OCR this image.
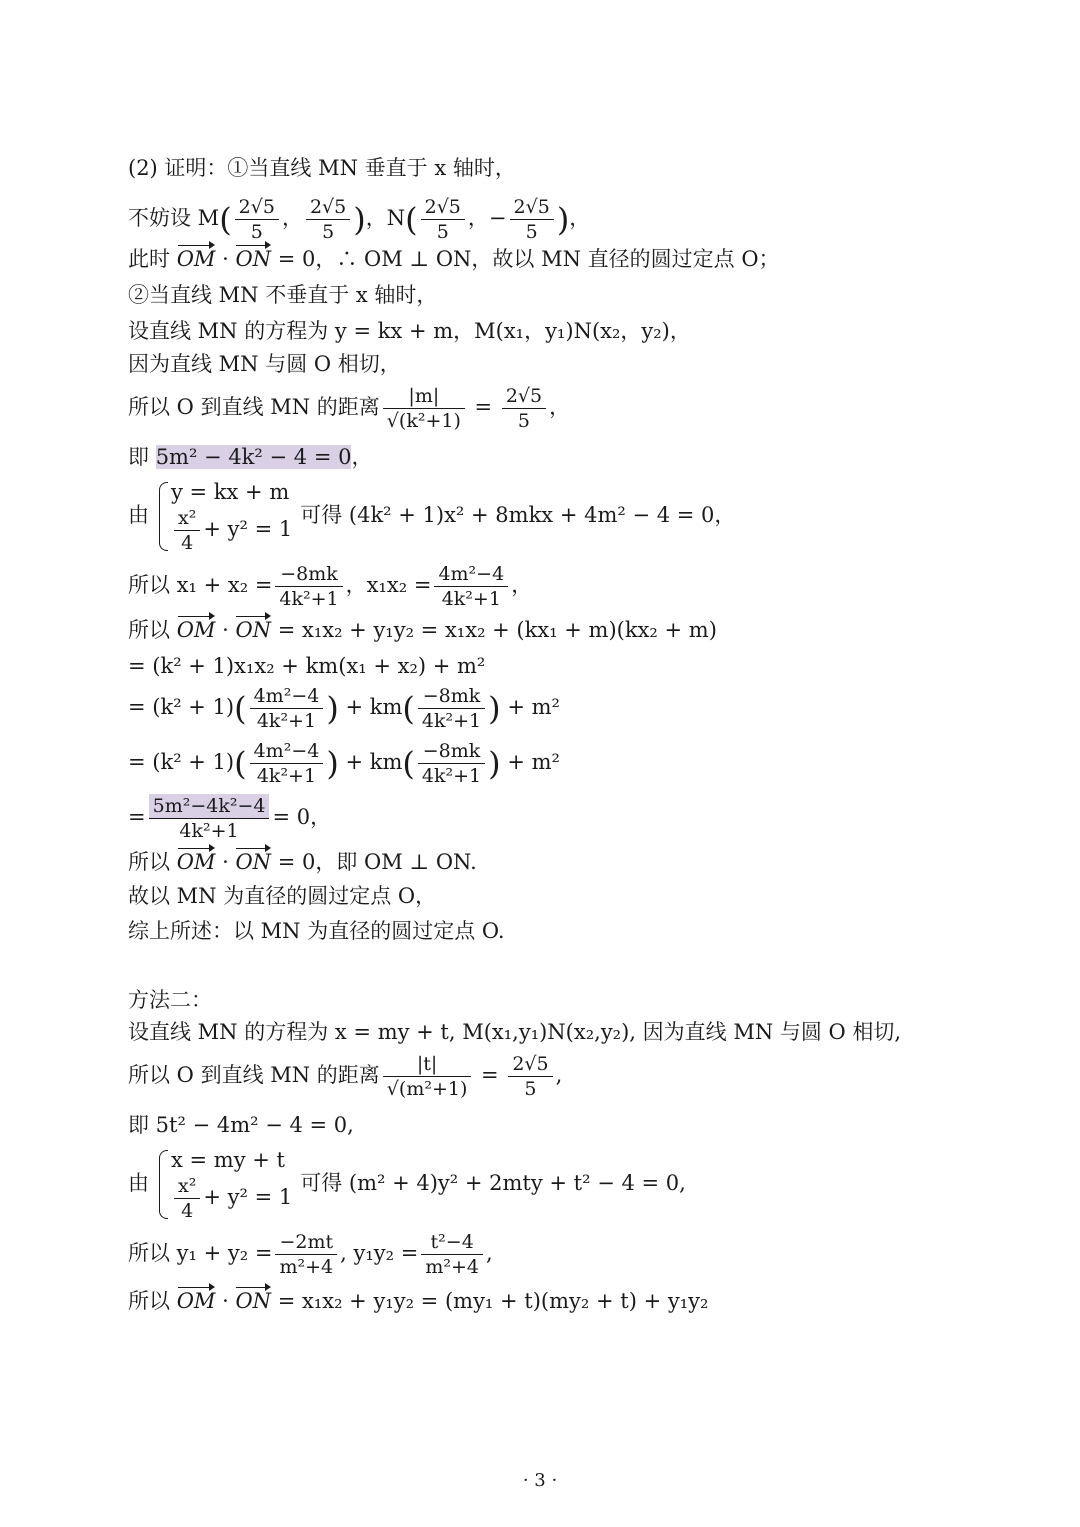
(2) 证明：①当直线 MN 垂直于 x 轴时，
不妨设 $M( \frac{2√5}{5}$ ， $\frac{2√5}{5}$ )，$N( \frac{2√5}{5}$ ，− $\frac{2√5}{5}$ )，
此时 OM · ON = 0，∴ OM ⊥ ON，故以 MN 直径的圆过定点 O；
②当直线 MN 不垂直于 x 轴时，
设直线 MN 的方程为 y = kx + m，M(x₁，y₁)N(x₂，y₂)，
因为直线 MN 与圆 O 相切，
所以 O 到直线 MN 的距离 $\frac{|m|}{\text{√(k²+1)}} = \frac{2√5}{5}$ ，
即 5m² − 4k² − 4 = 0，
由
y = kx + m
$\frac{\text{x²}}{4} + y^2 = 1$
可得 (4k² + 1)x² + 8mkx + 4m² − 4 = 0，
所以 $x_1 + x_2 = \frac{-8mk}{\text{4k²+1}}$ ，$x_1x_2 = \frac{\text{4m²−4}}{\text{4k²+1}}$ ，
所以 OM · ON = x₁x₂ + y₁y₂ = x₁x₂ + (kx₁ + m)(kx₂ + m)
= (k² + 1)x₁x₂ + km(x₁ + x₂) + m²
= $(k^2 + 1)( \frac{\text{4m²−4}}{\text{4k²+1}}$ ) + $km( \frac{-8mk}{\text{4k²+1}}$ ) + m²
= $(k^2 + 1)( \frac{\text{4m²−4}}{\text{4k²+1}}$ ) + $km( \frac{-8mk}{\text{4k²+1}}$ ) + m²
= $\frac{\text{5m²−4k²−4}}{\text{4k²+1}} = 0$，
所以 OM · ON = 0，即 OM ⊥ ON.
故以 MN 为直径的圆过定点 O，
综上所述：以 MN 为直径的圆过定点 O.
方法二：
设直线 MN 的方程为 x = my + t, M(x₁,y₁)N(x₂,y₂), 因为直线 MN 与圆 O 相切,
所以 O 到直线 MN 的距离 $\frac{|t|}{\text{√(m²+1)}} = \frac{2√5}{5}$ ,
即 5t² − 4m² − 4 = 0,
由
x = my + t
$\frac{\text{x²}}{4} + y^2 = 1$
可得 (m² + 4)y² + 2mty + t² − 4 = 0,
所以 $y_1 + y_2 = \frac{-2mt}{\text{m²+4}}$ , $y_1y_2 = \frac{\text{t²−4}}{\text{m²+4}}$ ,
所以 OM · ON = x₁x₂ + y₁y₂ = (my₁ + t)(my₂ + t) + y₁y₂
· 3 ·
